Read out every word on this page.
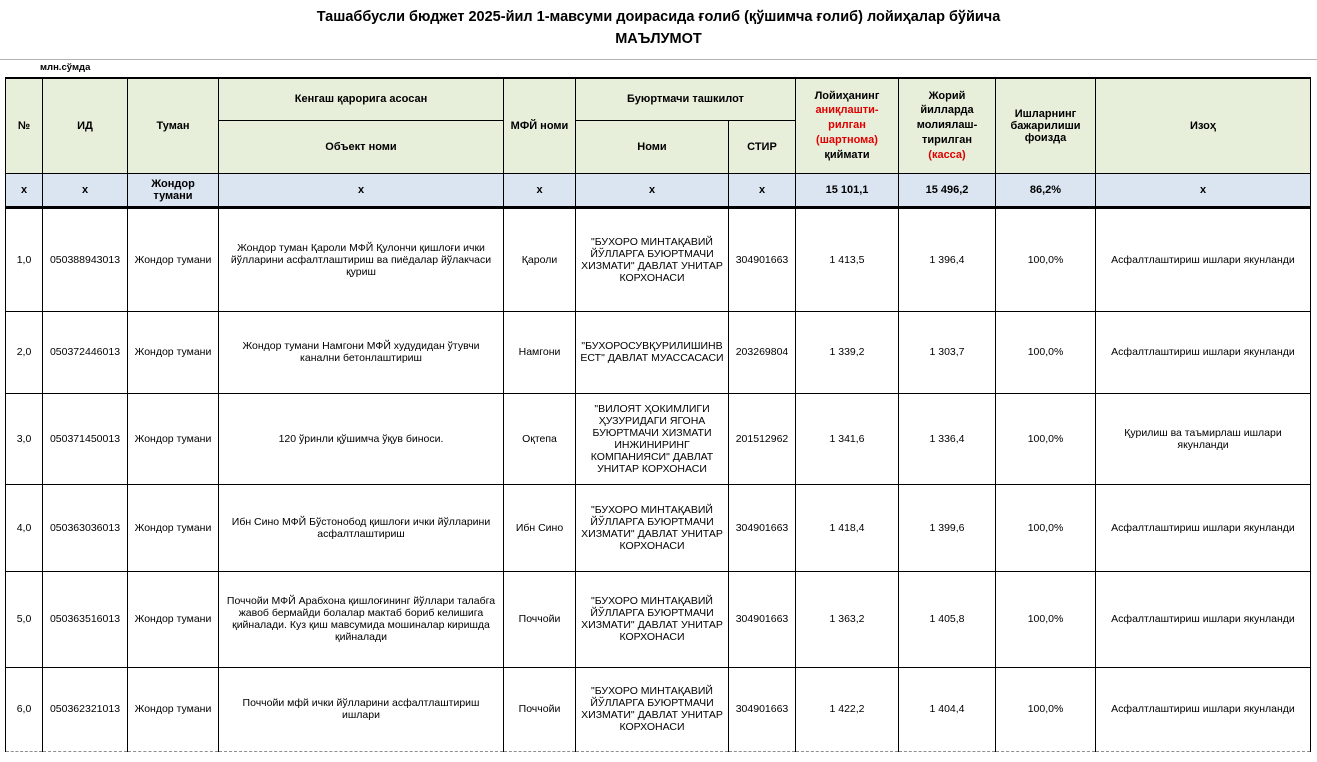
Ташаббусли бюджет 2025-йил 1-мавсуми доирасида ғолиб (қўшимча ғолиб) лойиҳалар бўйича
МАЪЛУМОТ
млн.сўмда
№	ИД	Туман	Кенгаш қарорига асосан	МФЙ номи	Буюртмачи ташкилот		Лойиҳанинг аниқлашти-рилган (шартнома) қиймати	Жорий йилларда молиялаш-тирилган (касса)	Ишларнинг бажарилиши фоизда	Изоҳ
			Объект номи		Номи	СТИР				
x	x	Жондор тумани	x	x	x	x	15 101,1	15 496,2	86,2%	x
1,0	050388943013	Жондор тумани	Жондор туман Қароли МФЙ Қулончи қишлоғи ички йўлларини асфалтлаштириш ва пиёдалар йўлакчаси қуриш	Қароли	"БУХОРО МИНТАҚАВИЙ ЙЎЛЛАРГА БУЮРТМАЧИ ХИЗМАТИ" ДАВЛАТ УНИТАР КОРХОНАСИ	304901663	1 413,5	1 396,4	100,0%	Асфалтлаштириш ишлари якунланди
2,0	050372446013	Жондор тумани	Жондор тумани Намгони МФЙ худудидан ўтувчи канални бетонлаштириш	Намгони	"БУХОРОСУВҚУРИЛИШИНВЕСТ" ДАВЛАТ МУАССАСАСИ	203269804	1 339,2	1 303,7	100,0%	Асфалтлаштириш ишлари якунланди
3,0	050371450013	Жондор тумани	120 ўринли қўшимча ўқув биноси.	Оқтепа	"ВИЛОЯТ ҲОКИМЛИГИ ҲУЗУРИДАГИ ЯГОНА БУЮРТМАЧИ ХИЗМАТИ ИНЖИНИРИНГ КОМПАНИЯСИ" ДАВЛАТ УНИТАР КОРХОНАСИ	201512962	1 341,6	1 336,4	100,0%	Қурилиш ва таъмирлаш ишлари якунланди
4,0	050363036013	Жондор тумани	Ибн Сино МФЙ Бўстонобод қишлоғи ички йўлларини асфалтлаштириш	Ибн Сино	"БУХОРО МИНТАҚАВИЙ ЙЎЛЛАРГА БУЮРТМАЧИ ХИЗМАТИ" ДАВЛАТ УНИТАР КОРХОНАСИ	304901663	1 418,4	1 399,6	100,0%	Асфалтлаштириш ишлари якунланди
5,0	050363516013	Жондор тумани	Поччойи МФЙ Арабхона қишлоғининг йўллари талабга жавоб бермайди болалар мактаб бориб келишига қийналади. Куз қиш мавсумида мошиналар киришда қийналади	Поччойи	"БУХОРО МИНТАҚАВИЙ ЙЎЛЛАРГА БУЮРТМАЧИ ХИЗМАТИ" ДАВЛАТ УНИТАР КОРХОНАСИ	304901663	1 363,2	1 405,8	100,0%	Асфалтлаштириш ишлари якунланди
6,0	050362321013	Жондор тумани	Поччойи мфй ички йўлларини асфалтлаштириш ишлари	Поччойи	"БУХОРО МИНТАҚАВИЙ ЙЎЛЛАРГА БУЮРТМАЧИ ХИЗМАТИ" ДАВЛАТ УНИТАР КОРХОНАСИ	304901663	1 422,2	1 404,4	100,0%	Асфалтлаштириш ишлари якунланди
